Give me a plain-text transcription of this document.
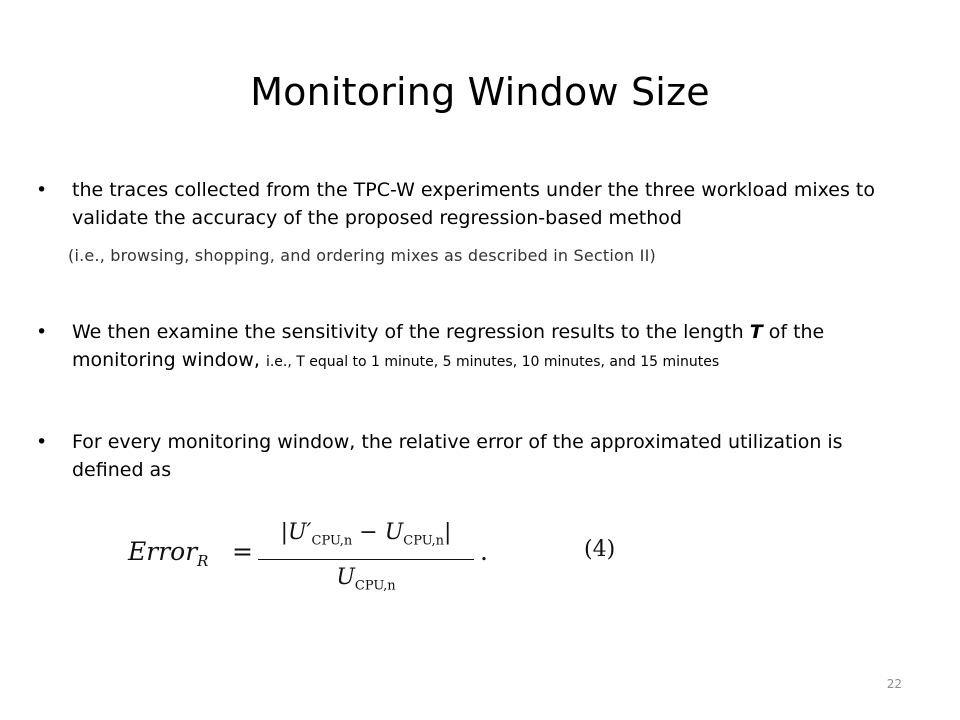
Monitoring Window Size
•	the traces collected from the TPC-W experiments under the three workload mixes to validate the accuracy of the proposed regression-based method
(i.e., browsing, shopping, and ordering mixes as described in Section II)
•	We then examine the sensitivity of the regression results to the length T of the monitoring window, i.e., T equal to 1 minute, 5 minutes, 10 minutes, and 15 minutes
•	For every monitoring window, the relative error of the approximated utilization is defined as
Error$_R$ =
$|U'_{CPU,n} - U_{CPU,n}|$
$U_{CPU,n}$
.	(4)
22
